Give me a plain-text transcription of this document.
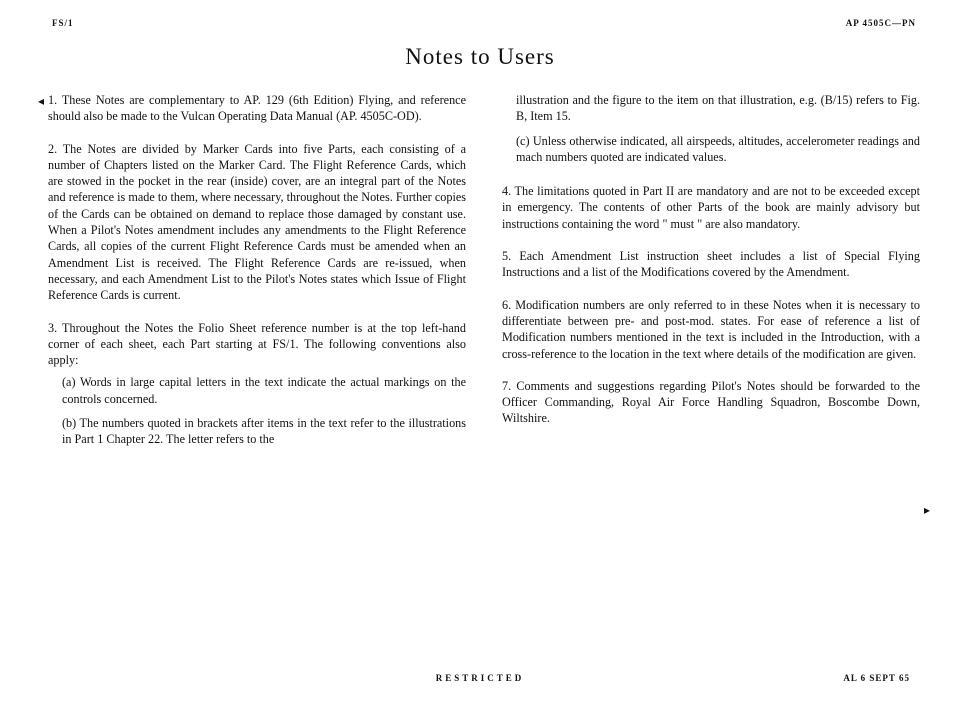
FS/1	AP 4505C—PN
Notes to Users
◂ 1. These Notes are complementary to AP. 129 (6th Edition) Flying, and reference should also be made to the Vulcan Operating Data Manual (AP. 4505C-OD).

2. The Notes are divided by Marker Cards into five Parts, each consisting of a number of Chapters listed on the Marker Card. The Flight Reference Cards, which are stowed in the pocket in the rear (inside) cover, are an integral part of the Notes and reference is made to them, where necessary, throughout the Notes. Further copies of the Cards can be obtained on demand to replace those damaged by constant use. When a Pilot's Notes amendment includes any amendments to the Flight Reference Cards, all copies of the current Flight Reference Cards must be amended when an Amendment List is received. The Flight Reference Cards are re-issued, when necessary, and each Amendment List to the Pilot's Notes states which Issue of Flight Reference Cards is current.

3. Throughout the Notes the Folio Sheet reference number is at the top left-hand corner of each sheet, each Part starting at FS/1. The following conventions also apply:

(a) Words in large capital letters in the text indicate the actual markings on the controls concerned.

(b) The numbers quoted in brackets after items in the text refer to the illustrations in Part 1 Chapter 22. The letter refers to the

illustration and the figure to the item on that illustration, e.g. (B/15) refers to Fig. B, Item 15.

(c) Unless otherwise indicated, all airspeeds, altitudes, accelerometer readings and mach numbers quoted are indicated values.

4. The limitations quoted in Part II are mandatory and are not to be exceeded except in emergency. The contents of other Parts of the book are mainly advisory but instructions containing the word " must " are also mandatory.

5. Each Amendment List instruction sheet includes a list of Special Flying Instructions and a list of the Modifications covered by the Amendment.

6. Modification numbers are only referred to in these Notes when it is necessary to differentiate between pre- and post-mod. states. For ease of reference a list of Modification numbers mentioned in the text is included in the Introduction, with a cross-reference to the location in the text where details of the modification are given.

7. Comments and suggestions regarding Pilot's Notes should be forwarded to the Officer Commanding, Royal Air Force Handling Squadron, Boscombe Down, Wiltshire.

▸
RESTRICTED	AL 6 SEPT 65
